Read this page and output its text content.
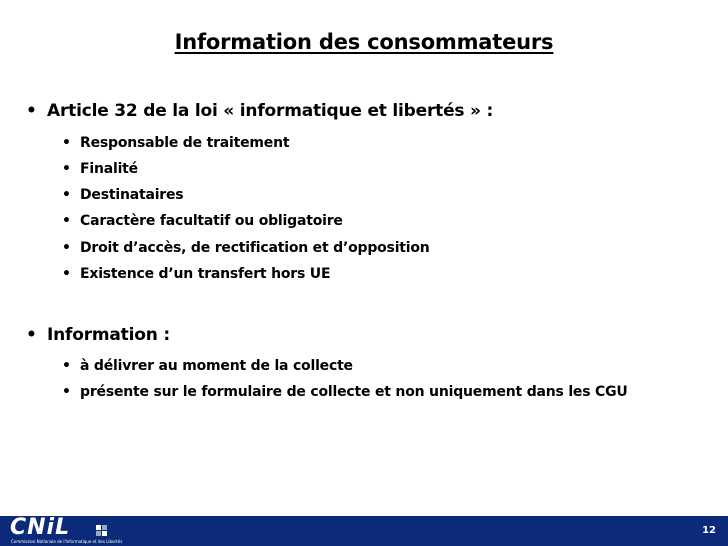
Information des consommateurs
• Article 32 de la loi « informatique et libertés » :
• Responsable de traitement
• Finalité
• Destinataires
• Caractère facultatif ou obligatoire
• Droit d’accès, de rectification et d’opposition
• Existence d’un transfert hors UE
• Information :
• à délivrer au moment de la collecte
• présente sur le formulaire de collecte et non uniquement dans les CGU
CNiL
Commission Nationale de l'Informatique et des Libertés
12
